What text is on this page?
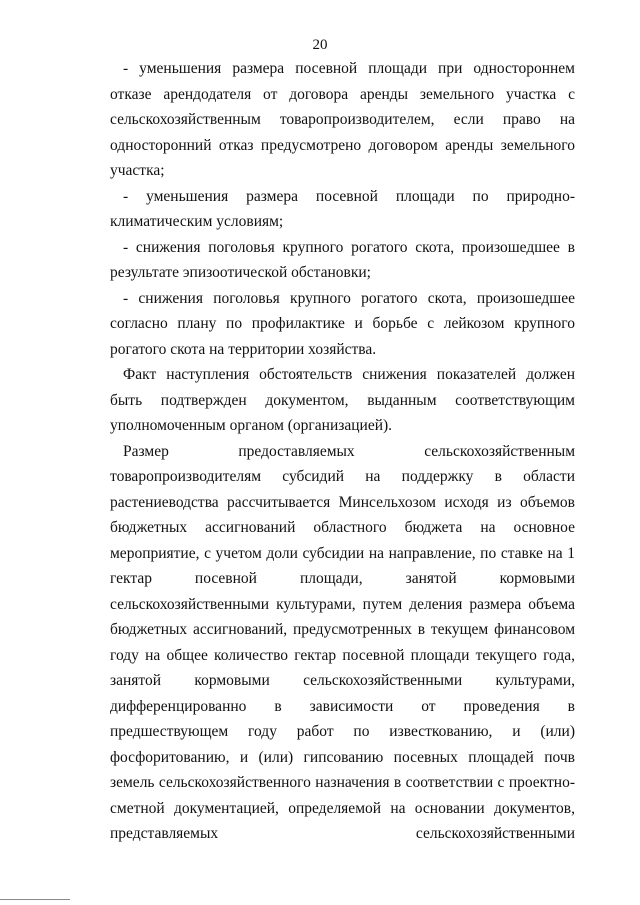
20

- уменьшения размера посевной площади при одностороннем отказе арендодателя от договора аренды земельного участка с сельскохозяйственным товаропроизводителем, если право на односторонний отказ предусмотрено договором аренды земельного участка;

- уменьшения размера посевной площади по природно-климатическим условиям;

- снижения поголовья крупного рогатого скота, произошедшее в результате эпизоотической обстановки;

- снижения поголовья крупного рогатого скота, произошедшее согласно плану по профилактике и борьбе с лейкозом крупного рогатого скота на территории хозяйства.

Факт наступления обстоятельств снижения показателей должен быть подтвержден документом, выданным соответствующим уполномоченным органом (организацией).

Размер предоставляемых сельскохозяйственным товаропроизводителям субсидий на поддержку в области растениеводства рассчитывается Минсельхозом исходя из объемов бюджетных ассигнований областного бюджета на основное мероприятие, с учетом доли субсидии на направление, по ставке на 1 гектар посевной площади, занятой кормовыми сельскохозяйственными культурами, путем деления размера объема бюджетных ассигнований, предусмотренных в текущем финансовом году на общее количество гектар посевной площади текущего года, занятой кормовыми сельскохозяйственными культурами, дифференцированно в зависимости от проведения в предшествующем году работ по известкованию, и (или) фосфоритованию, и (или) гипсованию посевных площадей почв земель сельскохозяйственного назначения в соответствии с проектно-сметной документацией, определяемой на основании документов, представляемых сельскохозяйственными
